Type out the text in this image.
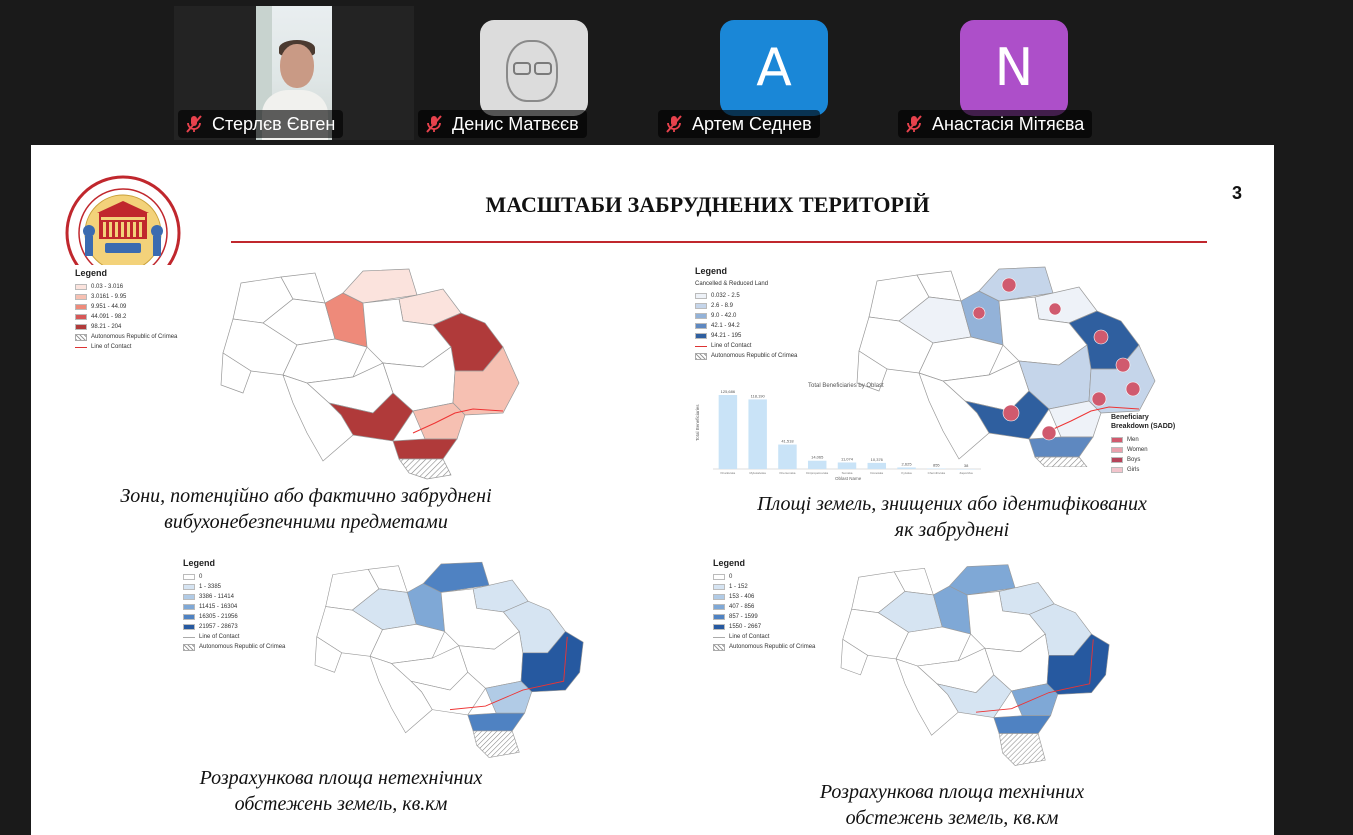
Стерлєв Євген	Денис Матвєєв
A
Артем Седнев
N
Анастасія Мітяєва
МАСШТАБИ ЗАБРУДНЕНИХ ТЕРИТОРІЙ	3
Legend
0.03 - 3.016
3.0161 - 9.95
9.951 - 44.09
44.091 - 98.2
98.21 - 204
Autonomous Republic of Crimea
Line of Contact
Зони, потенційно або фактично забруднені
вибухонебезпечними предметами
Legend
Cancelled & Reduced Land
0.032 - 2.5
2.6 - 8.9
9.0 - 42.0
42.1 - 94.2
94.21 - 195
Line of Contact
Autonomous Republic of Crimea
Total Beneficiaries
Oblast Name
125,686
Kharkivska
118,190
Mykolaivska
41,518
Khersonska
14,065
Dnipropetrovska
11,074
Sumska
10,376
Donetska
2,625
Kyivska
855
Chernihivska
38
Zaporizka
Total Beneficiaries by Oblast
Beneficiary Breakdown (SADD)
Men
Women
Boys
Girls
Площі земель, знищених або ідентифікованих
як забруднені
Legend
0
1 - 3385
3386 - 11414
11415 - 16304
16305 - 21956
21957 - 28673
Line of Contact
Autonomous Republic of Crimea
Розрахункова площа нетехнічних
обстежень земель, кв.км
Legend
0
1 - 152
153 - 406
407 - 856
857 - 1599
1550 - 2667
Line of Contact
Autonomous Republic of Crimea
Розрахункова площа технічних
обстежень земель, кв.км
